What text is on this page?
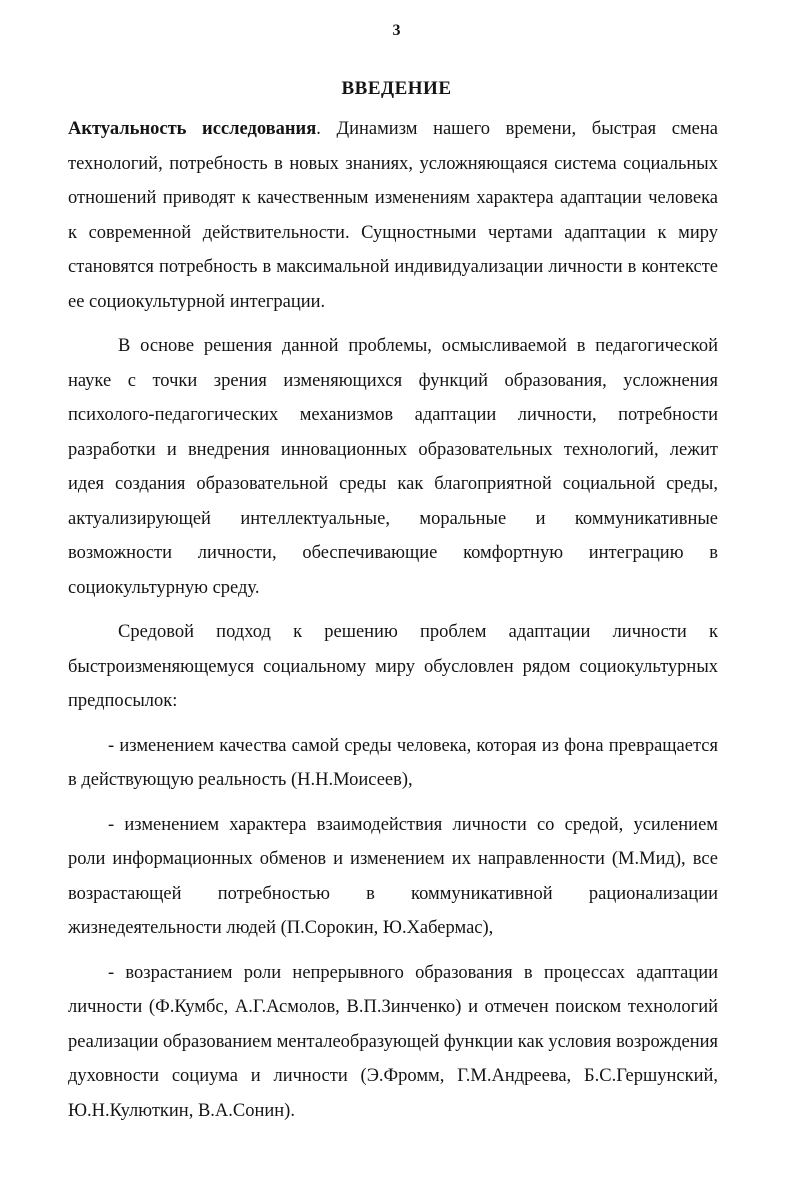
3
ВВЕДЕНИЕ

Актуальность исследования. Динамизм нашего времени, быстрая смена технологий, потребность в новых знаниях, усложняющаяся система социальных отношений приводят к качественным изменениям характера адаптации человека к современной действительности. Сущностными чертами адаптации к миру становятся потребность в максимальной индивидуализации личности в контексте ее социокультурной интеграции.

В основе решения данной проблемы, осмысливаемой в педагогической науке с точки зрения изменяющихся функций образования, усложнения психолого-педагогических механизмов адаптации личности, потребности разработки и внедрения инновационных образовательных технологий, лежит идея создания образовательной среды как благоприятной социальной среды, актуализирующей интеллектуальные, моральные и коммуникативные возможности личности, обеспечивающие комфортную интеграцию в социокультурную среду.

Средовой подход к решению проблем адаптации личности к быстроизменяющемуся социальному миру обусловлен рядом социокультурных предпосылок:

- изменением качества самой среды человека, которая из фона превращается в действующую реальность (Н.Н.Моисеев),

- изменением характера взаимодействия личности со средой, усилением роли информационных обменов и изменением их направленности (М.Мид), все возрастающей потребностью в коммуникативной рационализации жизнедеятельности людей (П.Сорокин, Ю.Хабермас),

- возрастанием роли непрерывного образования в процессах адаптации личности (Ф.Кумбс, А.Г.Асмолов, В.П.Зинченко) и отмечен поиском технологий реализации образованием менталеобразующей функции как условия возрождения духовности социума и личности (Э.Фромм, Г.М.Андреева, Б.С.Гершунский, Ю.Н.Кулюткин, В.А.Сонин).
